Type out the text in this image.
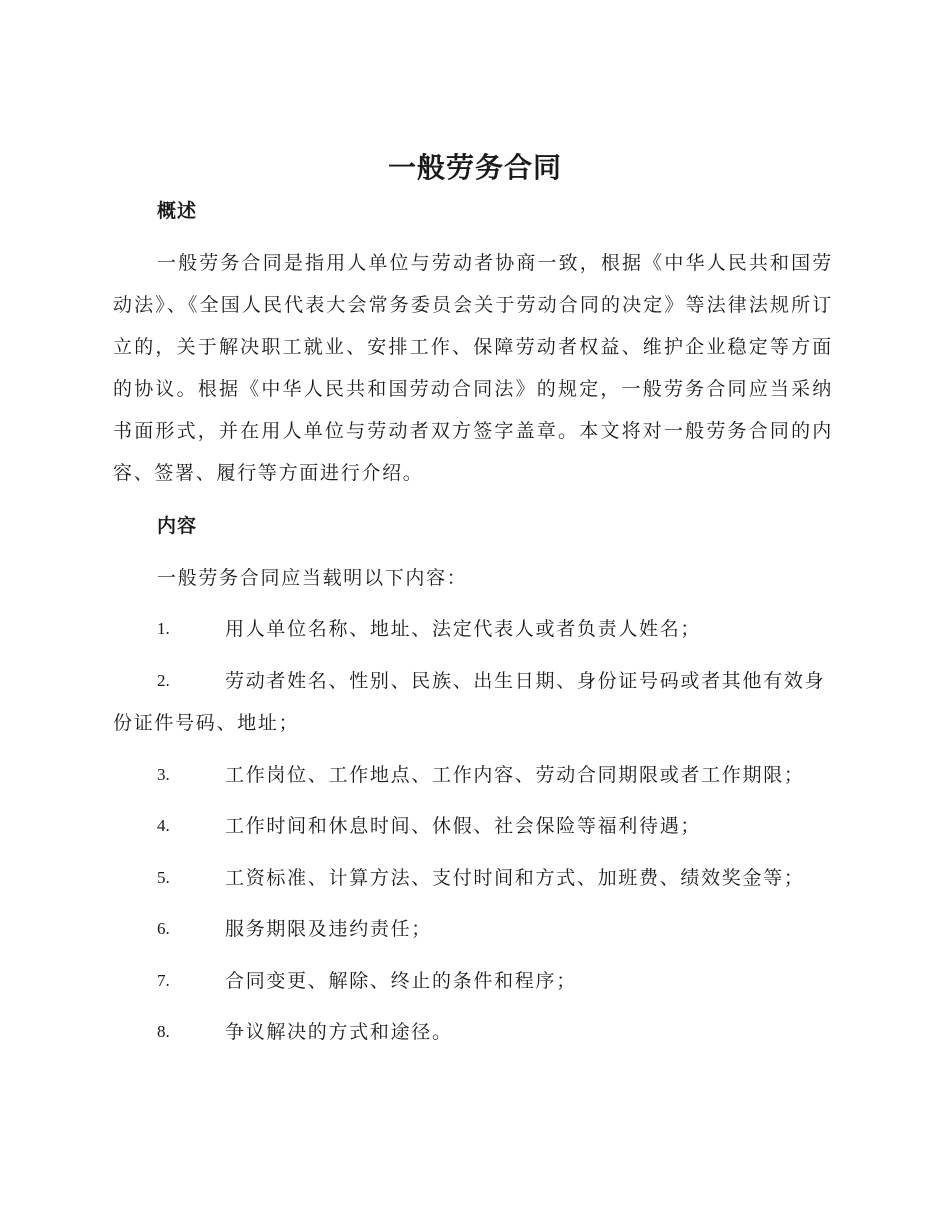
一般劳务合同
概述

一般劳务合同是指用人单位与劳动者协商一致，根据《中华人民共和国劳动法》、《全国人民代表大会常务委员会关于劳动合同的决定》等法律法规所订立的，关于解决职工就业、安排工作、保障劳动者权益、维护企业稳定等方面的协议。根据《中华人民共和国劳动合同法》的规定，一般劳务合同应当采纳书面形式，并在用人单位与劳动者双方签字盖章。本文将对一般劳务合同的内容、签署、履行等方面进行介绍。

内容
一般劳务合同应当载明以下内容：
1.	用人单位名称、地址、法定代表人或者负责人姓名；
2.	劳动者姓名、性别、民族、出生日期、身份证号码或者其他有效身份证件号码、地址；
3.	工作岗位、工作地点、工作内容、劳动合同期限或者工作期限；
4.	工作时间和休息时间、休假、社会保险等福利待遇；
5.	工资标准、计算方法、支付时间和方式、加班费、绩效奖金等；
6.	服务期限及违约责任；
7.	合同变更、解除、终止的条件和程序；
8.	争议解决的方式和途径。
